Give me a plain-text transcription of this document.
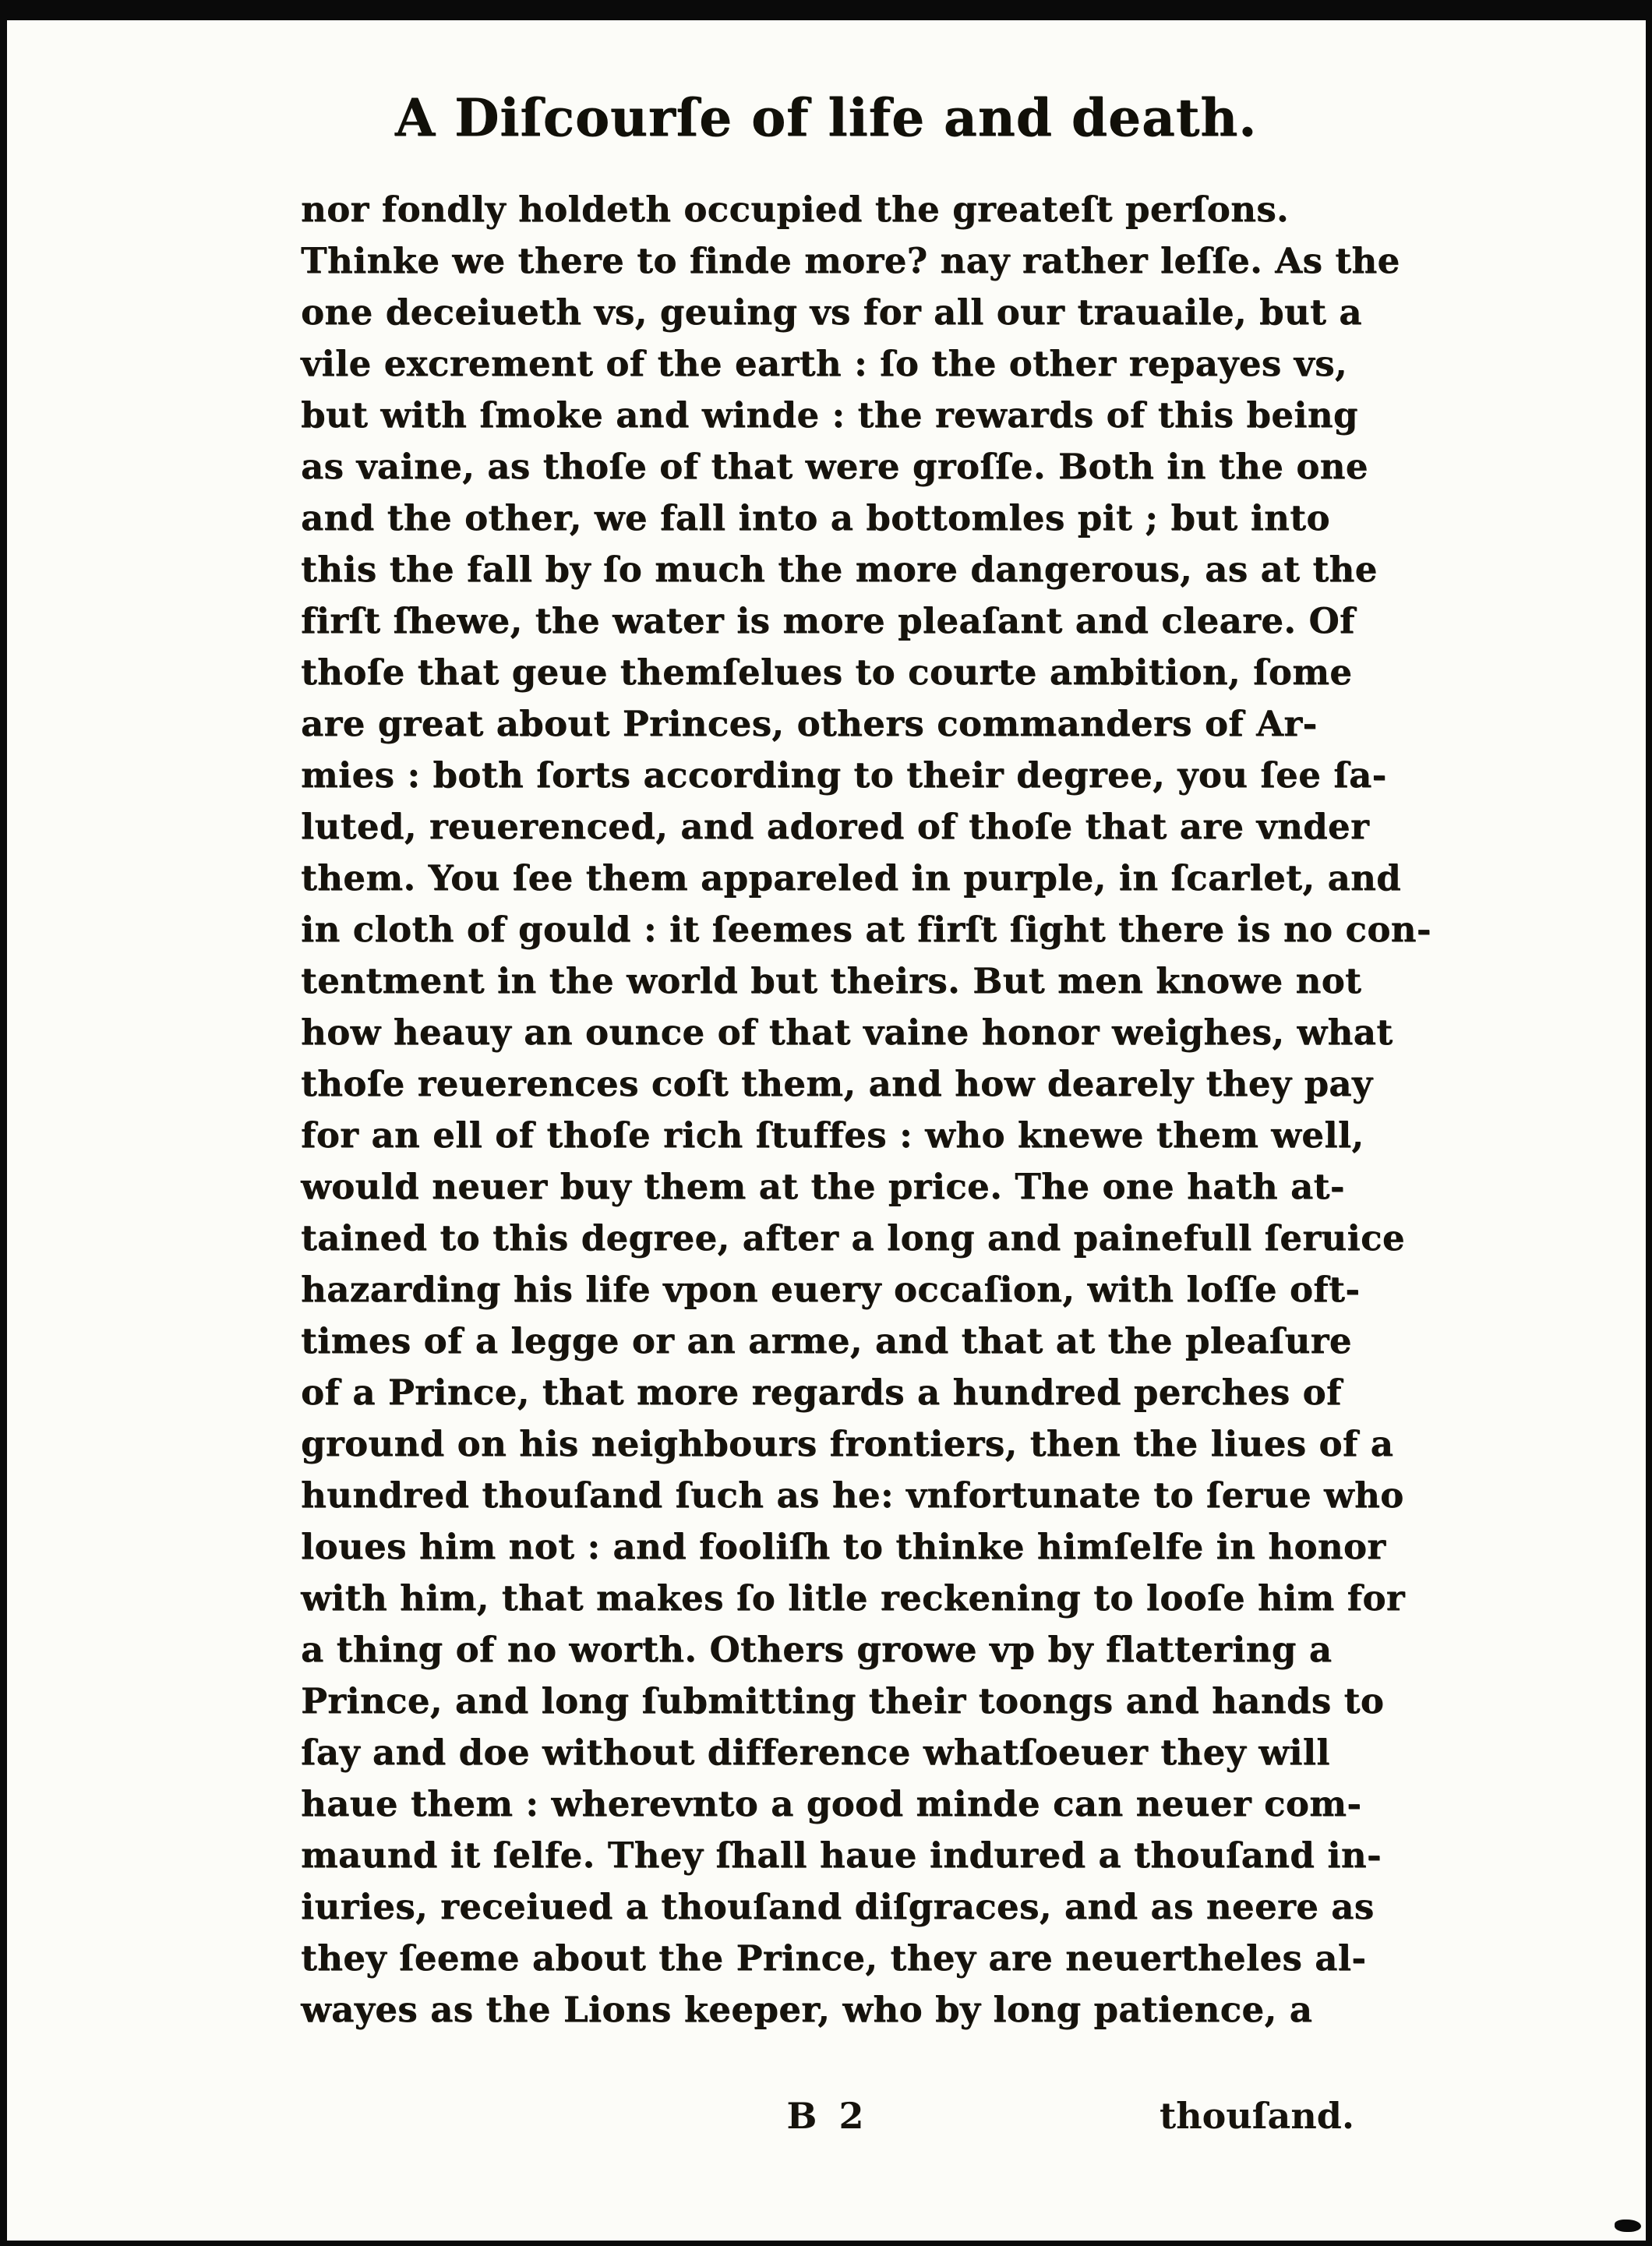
A Diſcourſe of life and death.
nor fondly holdeth occupied the greateſt perſons.
Thinke we there to finde more? nay rather leſſe. As the
one deceiueth vs, geuing vs for all our trauaile, but a
vile excrement of the earth : ſo the other repayes vs,
but with ſmoke and winde : the rewards of this being
as vaine, as thoſe of that were groſſe. Both in the one
and the other, we fall into a bottomles pit ; but into
this the fall by ſo much the more dangerous, as at the
firſt ſhewe, the water is more pleaſant and cleare. Of
thoſe that geue themſelues to courte ambition, ſome
are great about Princes, others commanders of Ar-
mies : both ſorts according to their degree, you ſee ſa-
luted, reuerenced, and adored of thoſe that are vnder
them. You ſee them appareled in purple, in ſcarlet, and
in cloth of gould : it ſeemes at firſt ſight there is no con-
tentment in the world but theirs. But men knowe not
how heauy an ounce of that vaine honor weighes, what
thoſe reuerences coſt them, and how dearely they pay
for an ell of thoſe rich ſtuffes : who knewe them well,
would neuer buy them at the price. The one hath at-
tained to this degree, after a long and painefull ſeruice
hazarding his life vpon euery occaſion, with loſſe oft-
times of a legge or an arme, and that at the pleaſure
of a Prince, that more regards a hundred perches of
ground on his neighbours frontiers, then the liues of a
hundred thouſand ſuch as he: vnfortunate to ſerue who
loues him not : and fooliſh to thinke himſelfe in honor
with him, that makes ſo litle reckening to looſe him for
a thing of no worth. Others growe vp by flattering a
Prince, and long ſubmitting their toongs and hands to
ſay and doe without difference whatſoeuer they will
haue them : wherevnto a good minde can neuer com-
maund it ſelfe. They ſhall haue indured a thouſand in-
iuries, receiued a thouſand diſgraces, and as neere as
they ſeeme about the Prince, they are neuertheles al-
wayes as the Lions keeper, who by long patience, a
B 2	thouſand.
